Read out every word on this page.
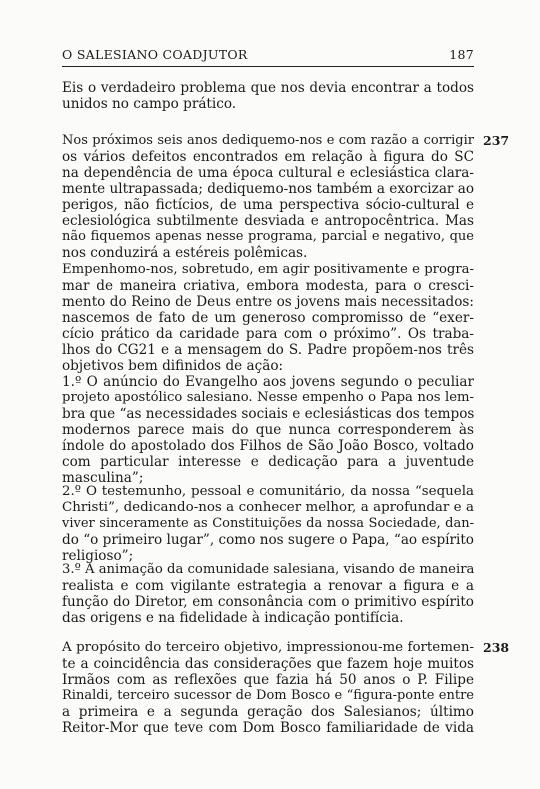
O SALESIANO COADJUTOR	187

Eis o verdadeiro problema que nos devia encontrar a todos
unidos no campo prático.

237

Nos próximos seis anos dediquemo-nos e com razão a corrigir
os vários defeitos encontrados em relação à figura do SC
na dependência de uma época cultural e eclesiástica clara-
mente ultrapassada; dediquemo-nos também a exorcizar ao
perigos, não fictícios, de uma perspectiva sócio-cultural e
eclesiológica subtilmente desviada e antropocêntrica. Mas
não fiquemos apenas nesse programa, parcial e negativo, que
nos conduzirá a estéreis polêmicas.

Empenhomo-nos, sobretudo, em agir positivamente e progra-
mar de maneira criativa, embora modesta, para o cresci-
mento do Reino de Deus entre os jovens mais necessitados:
nascemos de fato de um generoso compromisso de “exer-
cício prático da caridade para com o próximo”. Os traba-
lhos do CG21 e a mensagem do S. Padre propõem-nos três
objetivos bem difinidos de ação:

1.º O anúncio do Evangelho aos jovens segundo o peculiar
projeto apostólico salesiano. Nesse empenho o Papa nos lem-
bra que “as necessidades sociais e eclesiásticas dos tempos
modernos parece mais do que nunca corresponderem às
índole do apostolado dos Filhos de São João Bosco, voltado
com particular interesse e dedicação para a juventude
masculina”;

2.º O testemunho, pessoal e comunitário, da nossa “sequela
Christi”, dedicando-nos a conhecer melhor, a aprofundar e a
viver sinceramente as Constituições da nossa Sociedade, dan-
do “o primeiro lugar”, como nos sugere o Papa, “ao espírito
religioso”;

3.º A animação da comunidade salesiana, visando de maneira
realista e com vigilante estrategia a renovar a figura e a
função do Diretor, em consonância com o primitivo espírito
das origens e na fidelidade à indicação pontifícia.

238

A propósito do terceiro objetivo, impressionou-me fortemen-
te a coincidência das considerações que fazem hoje muitos
Irmãos com as reflexões que fazia há 50 anos o P. Filipe
Rinaldi, terceiro sucessor de Dom Bosco e “figura-ponte entre
a primeira e a segunda geração dos Salesianos; último
Reitor-Mor que teve com Dom Bosco familiaridade de vida
